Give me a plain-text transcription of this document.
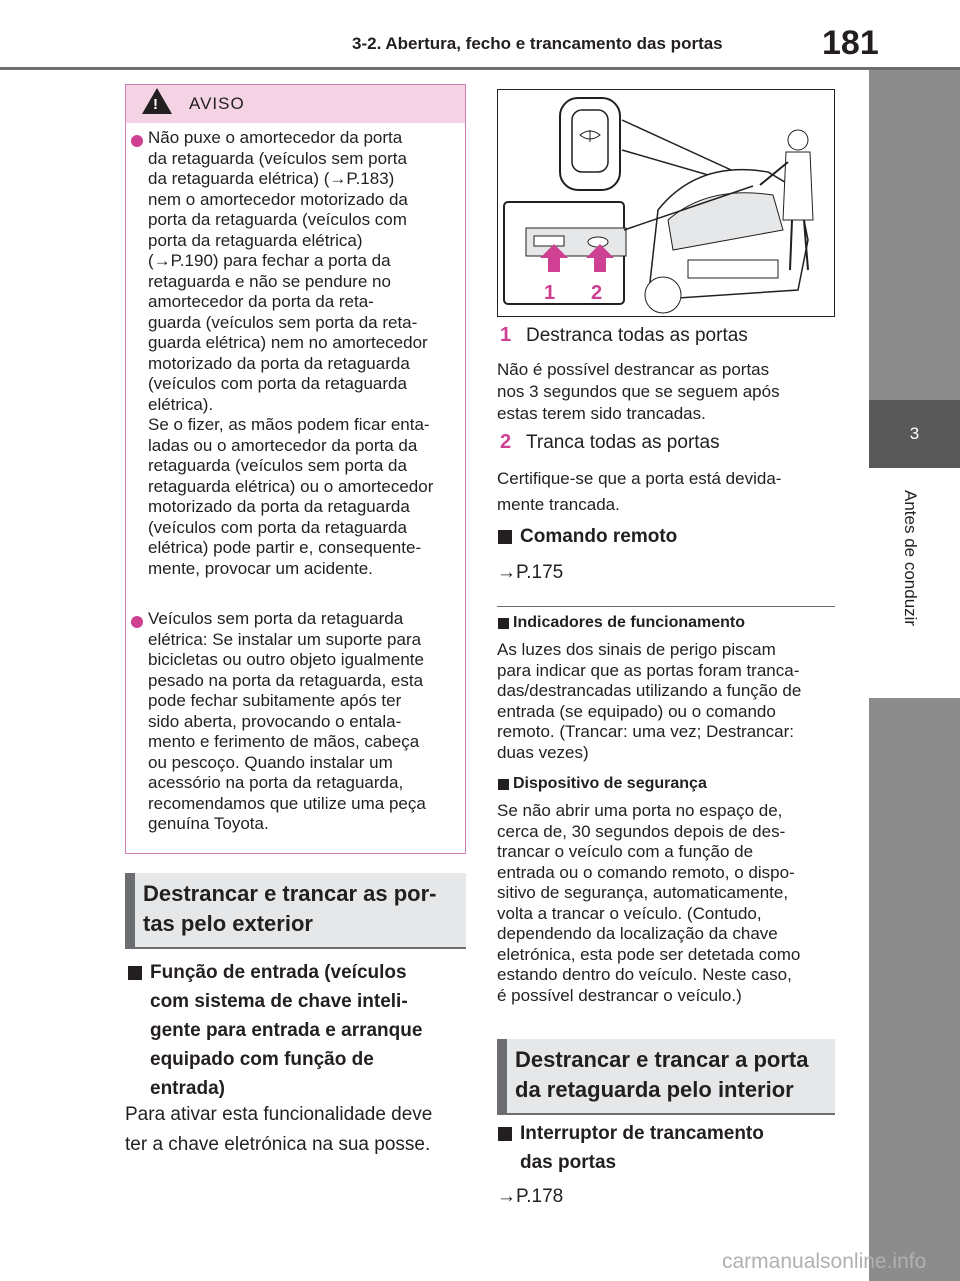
3-2. Abertura, fecho e trancamento das portas	181
3
Antes de conduzir
! AVISO
Não puxe o amortecedor da porta
da retaguarda (veículos sem porta
da retaguarda elétrica) (→P.183)
nem o amortecedor motorizado da
porta da retaguarda (veículos com
porta da retaguarda elétrica)
(→P.190) para fechar a porta da
retaguarda e não se pendure no
amortecedor da porta da reta-
guarda (veículos sem porta da reta-
guarda elétrica) nem no amortecedor
motorizado da porta da retaguarda
(veículos com porta da retaguarda
elétrica).
Se o fizer, as mãos podem ficar enta-
ladas ou o amortecedor da porta da
retaguarda (veículos sem porta da
retaguarda elétrica) ou o amortecedor
motorizado da porta da retaguarda
(veículos com porta da retaguarda
elétrica) pode partir e, consequente-
mente, provocar um acidente.
Veículos sem porta da retaguarda
elétrica: Se instalar um suporte para
bicicletas ou outro objeto igualmente
pesado na porta da retaguarda, esta
pode fechar subitamente após ter
sido aberta, provocando o entala-
mento e ferimento de mãos, cabeça
ou pescoço. Quando instalar um
acessório na porta da retaguarda,
recomendamos que utilize uma peça
genuína Toyota.
Destrancar e trancar as por-
tas pelo exterior
Função de entrada (veículos
com sistema de chave inteli-
gente para entrada e arranque
equipado com função de
entrada)
Para ativar esta funcionalidade deve
ter a chave eletrónica na sua posse.
1 2
1 Destranca todas as portas
Não é possível destrancar as portas
nos 3 segundos que se seguem após
estas terem sido trancadas.
2 Tranca todas as portas
Certifique-se que a porta está devida-
mente trancada.
Comando remoto
→P.175
Indicadores de funcionamento
As luzes dos sinais de perigo piscam
para indicar que as portas foram tranca-
das/destrancadas utilizando a função de
entrada (se equipado) ou o comando
remoto. (Trancar: uma vez; Destrancar:
duas vezes)
Dispositivo de segurança
Se não abrir uma porta no espaço de,
cerca de, 30 segundos depois de des-
trancar o veículo com a função de
entrada ou o comando remoto, o dispo-
sitivo de segurança, automaticamente,
volta a trancar o veículo. (Contudo,
dependendo da localização da chave
eletrónica, esta pode ser detetada como
estando dentro do veículo. Neste caso,
é possível destrancar o veículo.)
Destrancar e trancar a porta
da retaguarda pelo interior
Interruptor de trancamento
das portas
→P.178
carmanualsonline.info
